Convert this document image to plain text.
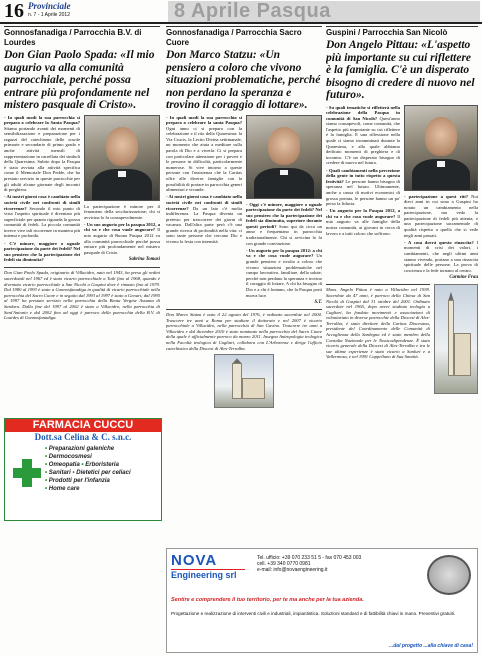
16 Provinciale
n. 7 - 1 Aprile 2012	8 Aprile Pasqua
Gonnosfanadiga / Parrocchia B.V. di Lourdes
Don Gian Paolo Spada: «Il mio augurio va alla comunità parrocchiale, perché possa entrare più profondamente nel mistero pasquale di Cristo».

- In quali modi la sua parrocchia si prepara a celebrare la Santa Pasqua? Stiamo portando avanti dei momenti di sensibilizzazione e preparazione per i ragazzi del catechismo delle scuole primarie e secondarie di primo grado e anche attività mensili di rappresentazione in carrellata dei simboli della Quaresima. Subito dopo la Pasqua è stata avviata alla attività specifica come il Memoriale Don Pedde, che ha prestato servizio in queste parrocchie per gli adulti alcune giornate degli incontri di preghiera.

- Ai nostri giorni cosa è cambiato nella società civile nei confronti di simili ricorrenze? Secondo il mio punto di vista l'aspetto spirituale è diventato più superficiale per quanto riguarda la grossa comunità di fedeli. La piccola comunità invece vive tali ricorrenze in maniera più intensa e profonda.

- C'è minore, maggiore o uguale partecipazione da parte dei fedeli? Nel suo pensiero che la partecipazione dei fedeli sia diminuita?

La partecipazione è minore per il fenomeno della secolarizzazione; chi si avvicina lo fa consapevolmente.

- Un suo augurio per la pasqua 2012, a chi va e che cosa vuole augurare? Il mio augurio di Buona Pasqua 2012 va alla comunità parrocchiale perché possa entrare più profondamente nel mistero pasquale di Cristo.

Sabrina Tomasi

Don Gian Paolo Spada, originario di Villacidro, nato nel 1943, ha preso gli ordini sacerdotali nel 1967 ed è stato vicario parrocchiale a Tuili fino al 1968, quando è diventato vicario parrocchiale a San Nicolò a Guspini dove è rimasto fino al 1979. Dal 1980 al 1993 è stato a Gonnosfanadiga in qualità di vicario parrocchiale nella parrocchia del Sacro Cuore e in seguito dal 1993 al 1997 è stato a Genuri; dal 1995 al 1997 ha prestato servizio nella parrocchia della Beata Vergine Assunta di Sardara. Dalla fine del 1997 al 2002 è stato a Villacidro, nella parrocchia di Sant'Antonio e dal 2002 fino ad oggi è parroco della parrocchia della B.V. di Lourdes di Gonnosfanadiga.
Gonnosfanadiga / Parrocchia Sacro Cuore
Don Marco Statzu: «Un pensiero a coloro che vivono situazioni problematiche, perché non perdano la speranza e trovino il coraggio di lottare».

- In quali modi la sua parrocchia si prepara a celebrare la santa Pasqua? Ogni anno ci si prepara con la celebrazione e il rito della Quaresima: la Via Crucis, la Lectio Divina settimanale, un momento che aiuta a meditare sulla parola di Dio e a viverla. Ci si prepara con particolare attenzione per i poveri e le persone in difficoltà, particolarmente numerose. Si vive intorno a queste persone con l'assistenza che la Caritas offre alle diverse famiglie con la possibilità di portare in parrocchia generi alimentari e vivande.

- Ai nostri giorni cosa è cambiato nella società civile nei confronti di simili ricorrenze? Da un lato c'è molta indifferenza. La Pasqua diventa un pretesto per trascorrere dei giorni di vacanza. Dall'altra parte però c'è una grande ricerca di profondità nella vita: ci sono tante persone che cercano Dio e vivono la festa con intensità.

- Oggi c'è minore, maggiore o uguale partecipazione da parte dei fedeli? Nel suo pensiero che la partecipazione dei fedeli sia diminuita, superiore durante questi periodi? Sono qui da circa un anno e frequentano in parrocchia tradizionalmente. Chi si avvicina lo fa con grande convinzione.

- Un augurio per la pasqua 2012: a chi va e che cosa vuole augurare? Un grande pensiero e rivolto a coloro che vivono situazioni problematiche nel campo lavorativo, familiare, della salute, perché non perdano la speranza e trovino il coraggio di lottare. A chi ha bisogno di Dio e a chi è lontano, che la Pasqua porti nuova luce.

S.T.

Don Marco Statzu è nato il 22 agosto del 1976, è ordinato sacerdote nel 2004. Trascorre tre anni a Roma per studiare il dottorato e nel 2007 è vicario parrocchiale a Villacidro, nella parrocchia di San Gavino. Trascorre tre anni a Villacidro e dal dicembre 2010 è stato nominato nella parrocchia del Sacro Cuore della quale è ufficialmente parroco da marzo 2011. Insegna Antropologia teologica nella Facoltà teologica di Cagliari, collabora con L'Arborense e dirige l'ufficio catechistico della Diocesi di Ales-Terralba.
Guspini / Parrocchia San Nicolò
Don Angelo Pittau: «L'aspetto più importante su cui riflettere è la famiglia. C'è un disperato bisogno di credere di nuovo nel futuro».

- Su quali tematiche si rifletterà nella celebrazione della Pasqua in comunità di San Nicolò? Quest'anno siamo consapevoli, come comunità, che l'aspetto più importante su cui riflettere è la famiglia. E una riflessione nella quale ci siamo incamminati durante la Quaresima, e alla quale abbiamo dedicato momenti di preghiera e di incontro. C'è un disperato bisogno di credere di nuovo nel futuro.

- Quali cambiamenti nella percezione della gente in tutto rispetto a questa festività? Le persone hanno bisogno di speranza nel futuro. Ultimamente, anche a causa di motivi economici di grossa portata, le persone hanno un po' perso la fiducia.

- Un augurio per la Pasqua 2012, a chi va e che cosa vuole augurare? Il mio augurio va alle famiglie della nostra comunità, ai giovani in cerca di lavoro e a tutti coloro che soffrono.

- partecipazione a quest riti? Noi dieci anni in cui sono a Guspini ho notato un cambiamento nella partecipazione, ma vedo la partecipazione di fedeli più attenta, e una partecipazione sacramentale di qualità rispetto a quella che si vede negli anni passati.

- A cosa dovrà questo rinascita? I momenti di crisi dei valori, i cambiamenti, che negli ultimi anni stanno vivendo, portano a una rinascita spirituale delle persone. La prova di coscienza e la fede tornano al centro.

Carmine Frau

Mons. Angelo Pittau è nato a Villacidro nel 1939. Sacerdote da 47 anni, è parroco della Chiesa di San Nicolò di Guspini dal 31 ottobre del 2001. Ordinato sacerdote nel 1965, dopo avere studiato teologia a Cagliari, ha fondato movimenti e associazioni di volontariato in diverse parrocchie della Diocesi di Ales-Terralba; è stato direttore della Caritas Diocesana, presidente del Coordinamento delle Comunità di Accoglienza della Sardegna ed è stato membro della Consulta Nazionale per le Tossicodipendenze. È stato vicario generale della Diocesi di Ales-Terralba e tra le sue ultime esperienze è stato vicario a Sanluri e a Vallermosa, e nel 1991 Cappellano di Sua Santità.
FARMACIA CUCCU
Dott.sa Celina & C. s.n.c.
• Preparazioni galeniche
• Dermocosmesi
• Omeopatia • Erboristeria
• Sanitari • Dietetici per celiaci
• Prodotti per l'infanzia
• Home care
NOVA
Engineering srl
Tel. ufficio: +39 070 233 51 5 - fax 070 453 003
cell. +39 340 0770 0981
e-mail: info@novaengineering.it
Sentire e comprendere il tuo territorio, per te ma anche per la tua azienda.
Progettazione e realizzazione di interventi civili e industriali, impiantistica. Soluzioni standard e di fattibilità chiavi in mano. Preventivi gratuiti.
...dal progetto ...alla chiave di casa!
